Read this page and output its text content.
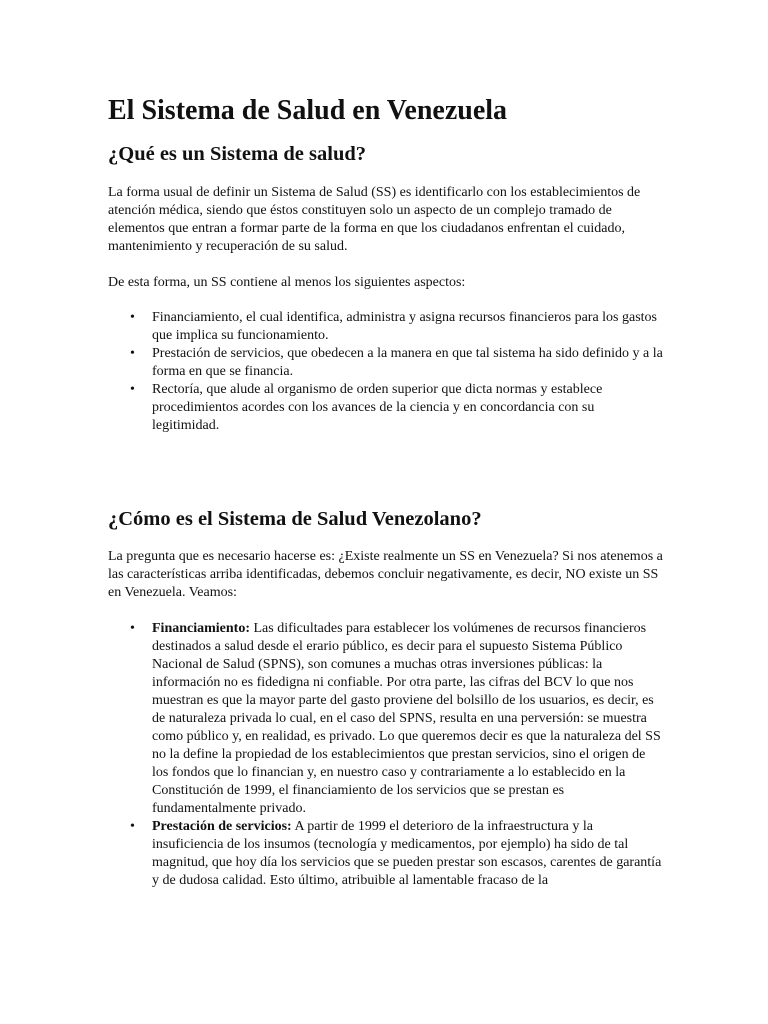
El Sistema de Salud en Venezuela
¿Qué es un Sistema de salud?

La forma usual de definir un Sistema de Salud (SS) es identificarlo con los establecimientos de atención médica, siendo que éstos constituyen solo un aspecto de un complejo tramado de elementos que entran a formar parte de la forma en que los ciudadanos enfrentan el cuidado, mantenimiento y recuperación de su salud.

De esta forma, un SS contiene al menos los siguientes aspectos:

• Financiamiento, el cual identifica, administra y asigna recursos financieros para los gastos que implica su funcionamiento.
• Prestación de servicios, que obedecen a la manera en que tal sistema ha sido definido y a la forma en que se financia.
• Rectoría, que alude al organismo de orden superior que dicta normas y establece procedimientos acordes con los avances de la ciencia y en concordancia con su legitimidad.
¿Cómo es el Sistema de Salud Venezolano?

La pregunta que es necesario hacerse es: ¿Existe realmente un SS en Venezuela? Si nos atenemos a las características arriba identificadas, debemos concluir negativamente, es decir, NO existe un SS en Venezuela. Veamos:

• Financiamiento: Las dificultades para establecer los volúmenes de recursos financieros destinados a salud desde el erario público, es decir para el supuesto Sistema Público Nacional de Salud (SPNS), son comunes a muchas otras inversiones públicas: la información no es fidedigna ni confiable. Por otra parte, las cifras del BCV lo que nos muestran es que la mayor parte del gasto proviene del bolsillo de los usuarios, es decir, es de naturaleza privada lo cual, en el caso del SPNS, resulta en una perversión: se muestra como público y, en realidad, es privado. Lo que queremos decir es que la naturaleza del SS no la define la propiedad de los establecimientos que prestan servicios, sino el origen de los fondos que lo financian y, en nuestro caso y contrariamente a lo establecido en la Constitución de 1999, el financiamiento de los servicios que se prestan es fundamentalmente privado.
• Prestación de servicios: A partir de 1999 el deterioro de la infraestructura y la insuficiencia de los insumos (tecnología y medicamentos, por ejemplo) ha sido de tal magnitud, que hoy día los servicios que se pueden prestar son escasos, carentes de garantía y de dudosa calidad. Esto último, atribuible al lamentable fracaso de la
